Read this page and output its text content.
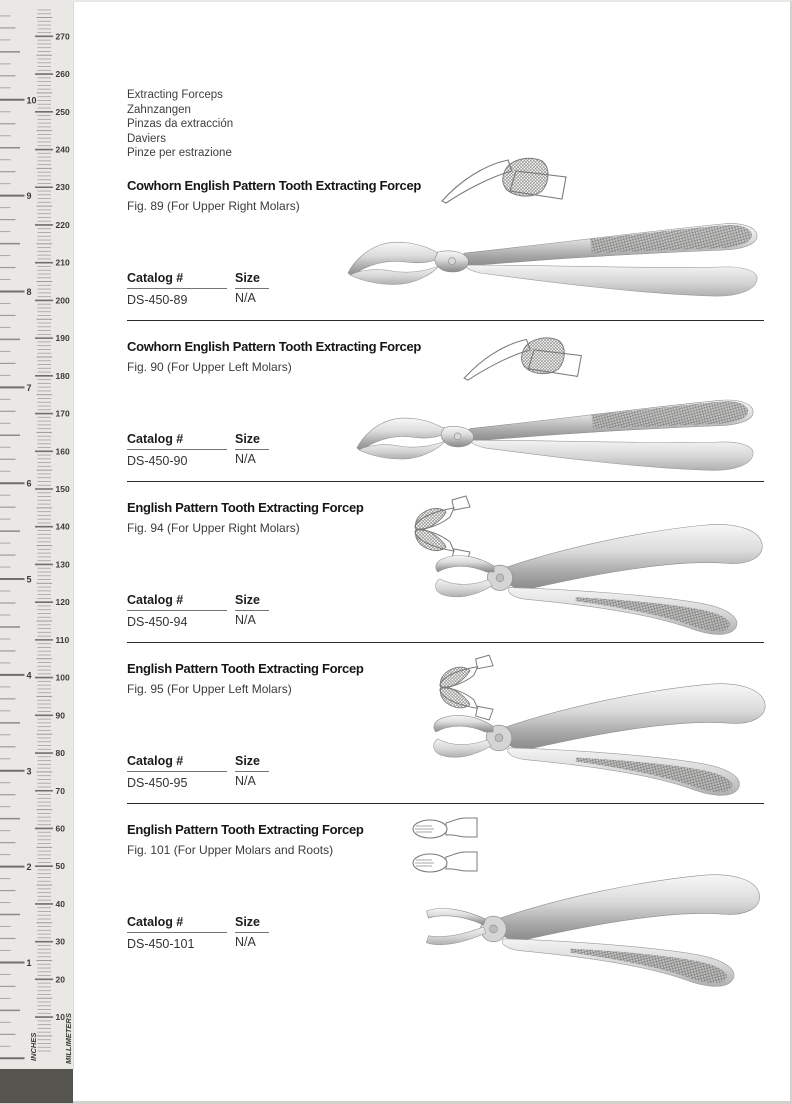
10
20
30
40
50
60
70
80
90
100
110
120
130
140
150
160
170
180
190
200
210
220
230
240
250
260
270
1
2
3
4
5
6
7
8
9
10
INCHES	MILLIMETERS
Extracting Forceps
Zahnzangen
Pinzas da extracción
Daviers
Pinze per estrazione
Cowhorn English Pattern Tooth Extracting Forcep

Fig. 89 (For Upper Right Molars)

Catalog #	Size
DS-450-89	N/A
Cowhorn English Pattern Tooth Extracting Forcep

Fig. 90 (For Upper Left Molars)

Catalog #	Size
DS-450-90	N/A
English Pattern Tooth Extracting Forcep

Fig. 94 (For Upper Right Molars)

Catalog #	Size
DS-450-94	N/A
English Pattern Tooth Extracting Forcep

Fig. 95 (For Upper Left Molars)

Catalog #	Size
DS-450-95	N/A
English Pattern Tooth Extracting Forcep

Fig. 101 (For Upper Molars and Roots)

Catalog #	Size
DS-450-101	N/A
